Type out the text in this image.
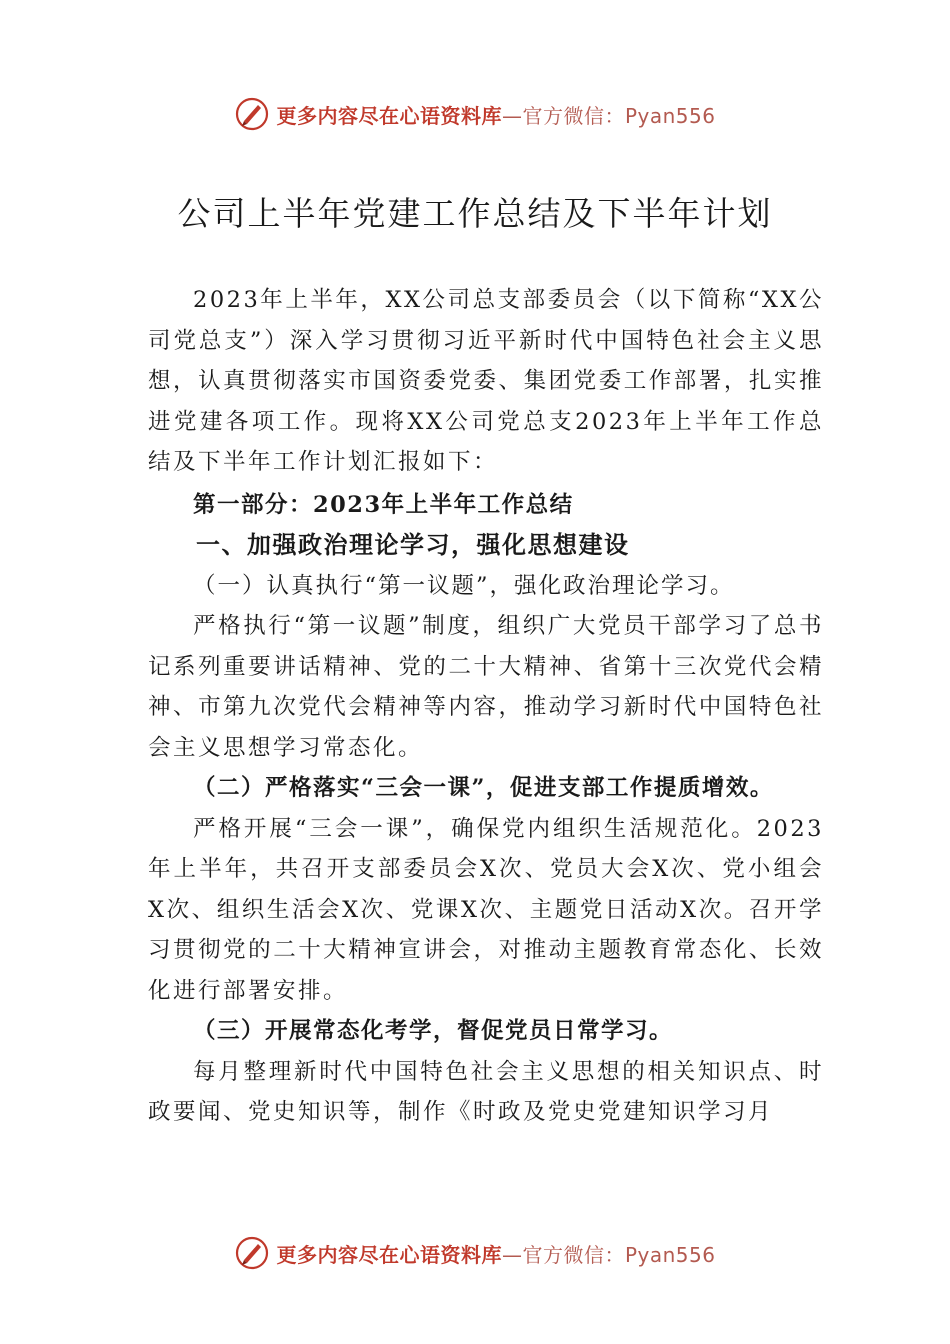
更多内容尽在心语资料库—官方微信：Pyan556
公司上半年党建工作总结及下半年计划

2023年上半年，XX公司总支部委员会（以下简称“XX公司党总支”）深入学习贯彻习近平新时代中国特色社会主义思想，认真贯彻落实市国资委党委、集团党委工作部署，扎实推进党建各项工作。现将XX公司党总支2023年上半年工作总结及下半年工作计划汇报如下：

第一部分：2023年上半年工作总结

一、加强政治理论学习，强化思想建设

（一）认真执行“第一议题”，强化政治理论学习。

严格执行“第一议题”制度，组织广大党员干部学习了总书记系列重要讲话精神、党的二十大精神、省第十三次党代会精神、市第九次党代会精神等内容，推动学习新时代中国特色社会主义思想学习常态化。

（二）严格落实“三会一课”，促进支部工作提质增效。

严格开展“三会一课”，确保党内组织生活规范化。2023年上半年，共召开支部委员会X次、党员大会X次、党小组会X次、组织生活会X次、党课X次、主题党日活动X次。召开学习贯彻党的二十大精神宣讲会，对推动主题教育常态化、长效化进行部署安排。

（三）开展常态化考学，督促党员日常学习。

每月整理新时代中国特色社会主义思想的相关知识点、时政要闻、党史知识等，制作《时政及党史党建知识学习月

更多内容尽在心语资料库—官方微信：Pyan556
